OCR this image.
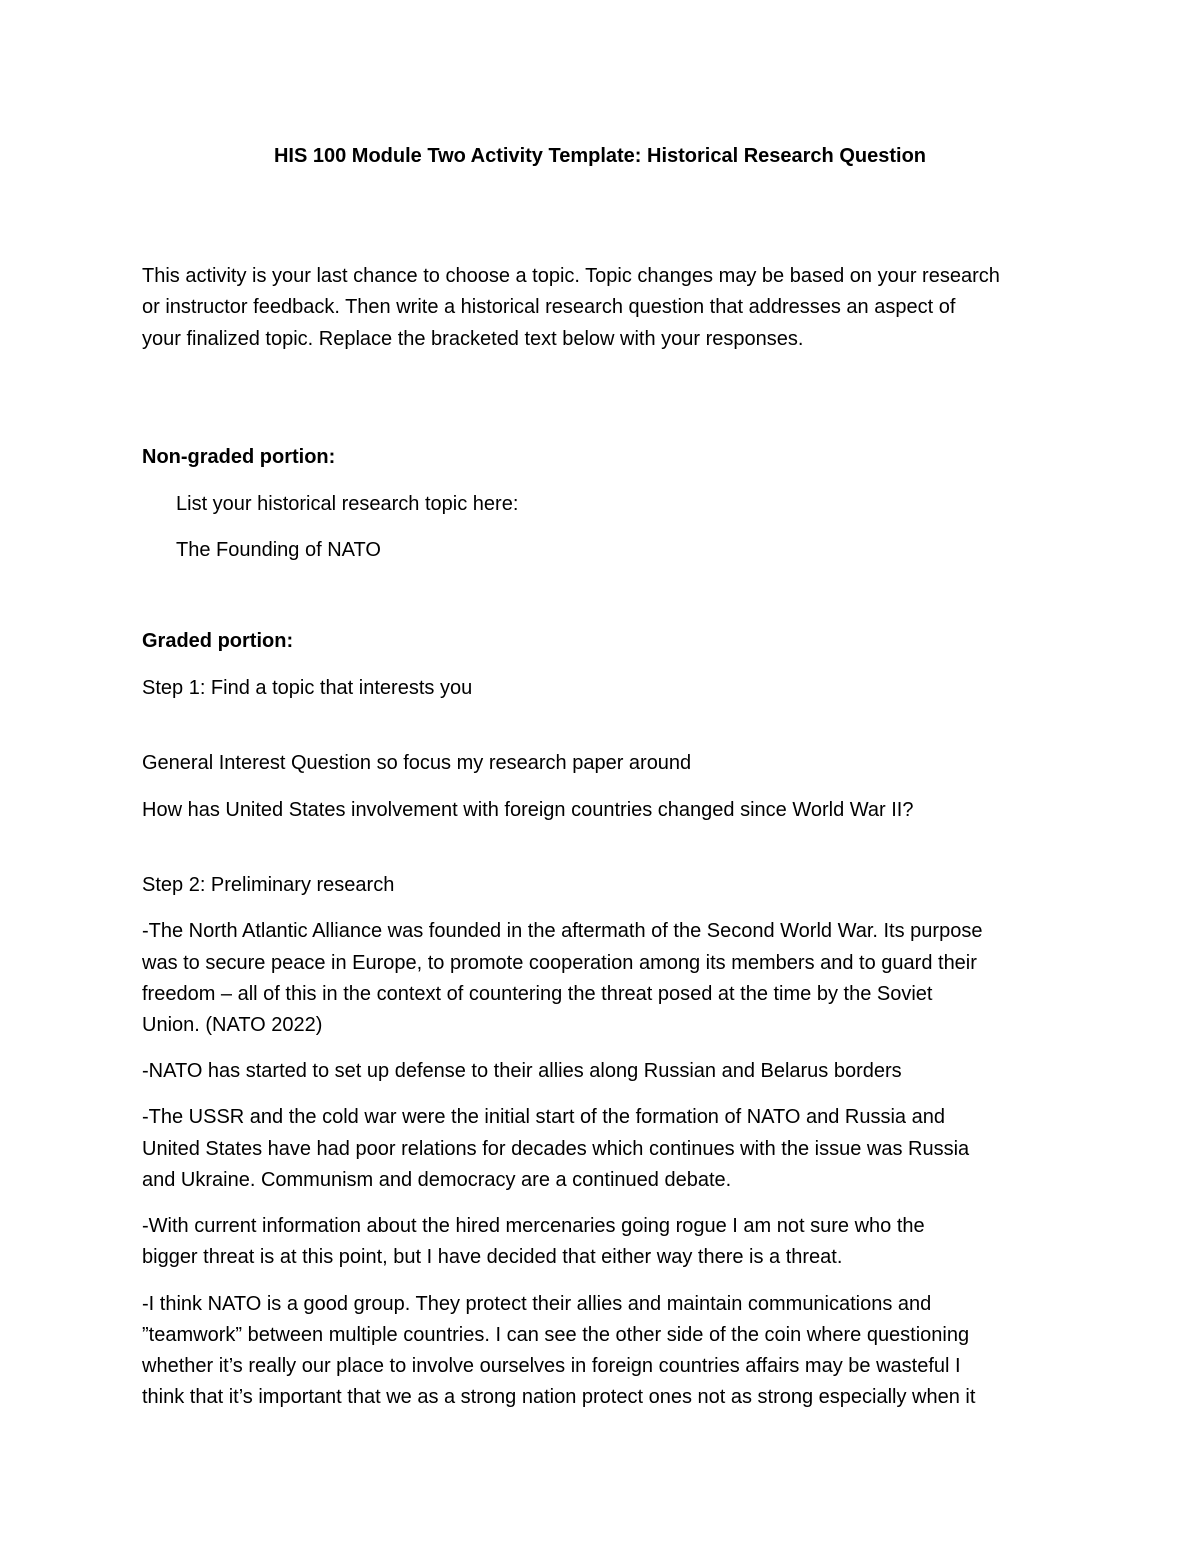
HIS 100 Module Two Activity Template: Historical Research Question
This activity is your last chance to choose a topic. Topic changes may be based on your research
or instructor feedback. Then write a historical research question that addresses an aspect of
your finalized topic. Replace the bracketed text below with your responses.
Non-graded portion:
List your historical research topic here:
The Founding of NATO
Graded portion:
Step 1: Find a topic that interests you
General Interest Question so focus my research paper around
How has United States involvement with foreign countries changed since World War II?
Step 2: Preliminary research
-The North Atlantic Alliance was founded in the aftermath of the Second World War. Its purpose
was to secure peace in Europe, to promote cooperation among its members and to guard their
freedom – all of this in the context of countering the threat posed at the time by the Soviet
Union. (NATO 2022)
-NATO has started to set up defense to their allies along Russian and Belarus borders
-The USSR and the cold war were the initial start of the formation of NATO and Russia and
United States have had poor relations for decades which continues with the issue was Russia
and Ukraine. Communism and democracy are a continued debate.
-With current information about the hired mercenaries going rogue I am not sure who the
bigger threat is at this point, but I have decided that either way there is a threat.
-I think NATO is a good group. They protect their allies and maintain communications and
”teamwork” between multiple countries. I can see the other side of the coin where questioning
whether it’s really our place to involve ourselves in foreign countries affairs may be wasteful I
think that it’s important that we as a strong nation protect ones not as strong especially when it
